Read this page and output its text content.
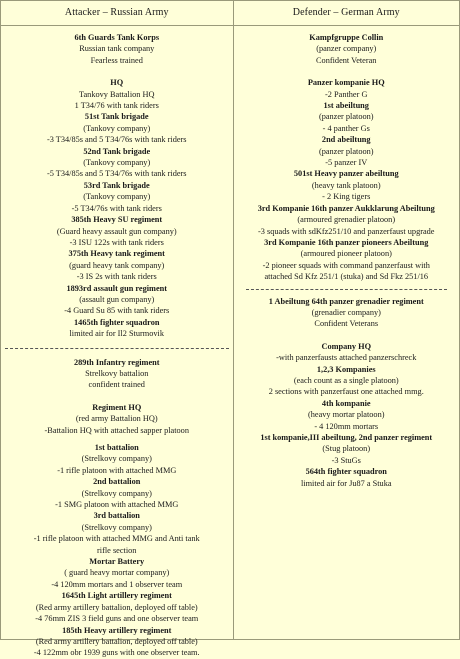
Attacker – Russian Army
6th Guards Tank Korps
Russian tank company
Fearless trained
HQ
Tankovy Battalion HQ
1 T34/76 with tank riders
51st Tank brigade
(Tankovy company)
-3 T34/85s and 5 T34/76s with tank riders
52nd Tank brigade
(Tankovy company)
-5 T34/85s and 5 T34/76s with tank riders
53rd Tank brigade
(Tankovy company)
-5 T34/76s with tank riders
385th Heavy SU regiment
(Guard heavy assault gun company)
-3 ISU 122s with tank riders
375th Heavy tank regiment
(guard heavy tank company)
-3 IS 2s with tank riders
1893rd assault gun regiment
(assault gun company)
-4 Guard Su 85 with tank riders
1465th fighter squadron
limited air for Il2 Sturmovik
289th Infantry regiment
Strelkovy battalion
confident trained
Regiment HQ
(red army Battalion HQ)
-Battalion HQ with attached sapper platoon
1st battalion
(Strelkovy company)
-1 rifle platoon with attached MMG
2nd battalion
(Strelkovy company)
-1 SMG platoon with attached MMG
3rd battalion
(Strelkovy company)
-1 rifle platoon with attached MMG and Anti tank
rifle section
Mortar Battery
( guard heavy mortar company)
-4 120mm mortars and 1 observer team
1645th Light artillery regiment
(Red army artillery battalion, deployed off table)
-4 76mm ZIS 3 field guns and one observer team
185th Heavy artillery regiment
(Red army artillery battalion, deployed off table)
-4 122mm obr 1939 guns with one observer team.
Defender – German Army
Kampfgruppe Collin
(panzer company)
Confident Veteran
Panzer kompanie HQ
-2 Panther G
1st abeiltung
(panzer platoon)
- 4 panther Gs
2nd abeiltung
(panzer platoon)
-5 panzer IV
501st Heavy panzer abeiltung
(heavy tank platoon)
- 2 King tigers
3rd Kompanie 16th panzer Aukklarung Abeiltung
(armoured grenadier platoon)
-3 squads with sdKfz251/10 and panzerfaust upgrade
3rd Kompanie 16th panzer pioneers Abeiltung
(armoured pioneer platoon)
-2 pioneer squads with command panzerfaust with
attached Sd Kfz 251/1 (stuka) and Sd Fkz 251/16
1 Abeiltung 64th panzer grenadier regiment
(grenadier company)
Confident Veterans
Company HQ
-with panzerfausts attached panzerschreck
1,2,3 Kompanies
(each count as a single platoon)
2 sections with panzerfaust one attached mmg.
4th kompanie
(heavy mortar platoon)
- 4 120mm mortars
1st kompanie,III abeiltung, 2nd panzer regiment
(Stug platoon)
-3 StuGs
564th fighter squadron
limited air for Ju87 a Stuka
